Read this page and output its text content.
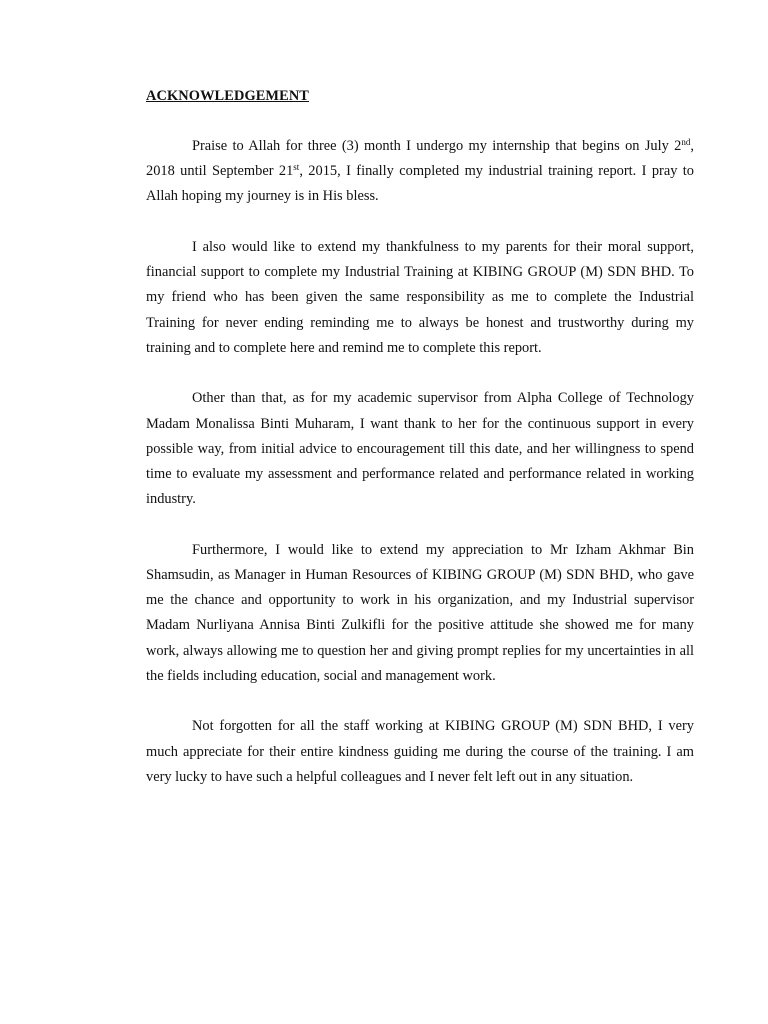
ACKNOWLEDGEMENT

Praise to Allah for three (3) month I undergo my internship that begins on July 2nd, 2018 until September 21st, 2015, I finally completed my industrial training report. I pray to Allah hoping my journey is in His bless.

I also would like to extend my thankfulness to my parents for their moral support, financial support to complete my Industrial Training at KIBING GROUP (M) SDN BHD. To my friend who has been given the same responsibility as me to complete the Industrial Training for never ending reminding me to always be honest and trustworthy during my training and to complete here and remind me to complete this report.

Other than that, as for my academic supervisor from Alpha College of Technology Madam Monalissa Binti Muharam, I want thank to her for the continuous support in every possible way, from initial advice to encouragement till this date, and her willingness to spend time to evaluate my assessment and performance related and performance related in working industry.

Furthermore, I would like to extend my appreciation to Mr Izham Akhmar Bin Shamsudin, as Manager in Human Resources of KIBING GROUP (M) SDN BHD, who gave me the chance and opportunity to work in his organization, and my Industrial supervisor Madam Nurliyana Annisa Binti Zulkifli for the positive attitude she showed me for many work, always allowing me to question her and giving prompt replies for my uncertainties in all the fields including education, social and management work.

Not forgotten for all the staff working at KIBING GROUP (M) SDN BHD, I very much appreciate for their entire kindness guiding me during the course of the training. I am very lucky to have such a helpful colleagues and I never felt left out in any situation.
